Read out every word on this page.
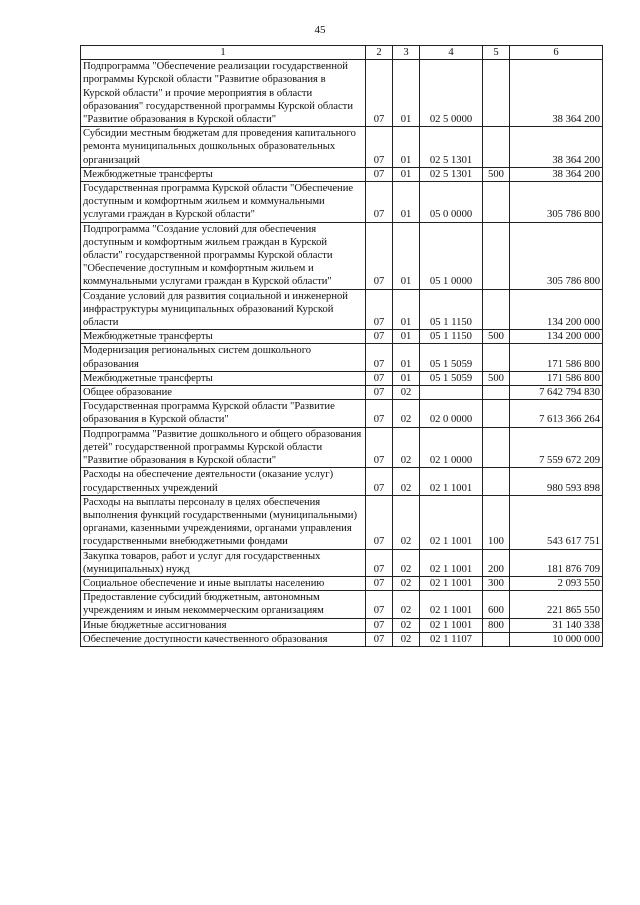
45
1	2	3	4	5	6
Подпрограмма "Обеспечение реализации государственной программы Курской области "Развитие образования в Курской области" и прочие мероприятия в области образования" государственной программы Курской области "Развитие образования в Курской области"	07	01	02 5 0000		38 364 200
Субсидии местным бюджетам для проведения капитального ремонта муниципальных дошкольных образовательных организаций	07	01	02 5 1301		38 364 200
Межбюджетные трансферты	07	01	02 5 1301	500	38 364 200
Государственная программа Курской области "Обеспечение доступным и комфортным жильем и коммунальными услугами граждан в Курской области"	07	01	05 0 0000		305 786 800
Подпрограмма "Создание условий для обеспечения доступным и комфортным жильем граждан в Курской области" государственной программы Курской области "Обеспечение доступным и комфортным жильем и коммунальными услугами граждан в Курской области"	07	01	05 1 0000		305 786 800
Создание условий для развития социальной и инженерной инфраструктуры муниципальных образований Курской области	07	01	05 1 1150		134 200 000
Межбюджетные трансферты	07	01	05 1 1150	500	134 200 000
Модернизация региональных систем дошкольного образования	07	01	05 1 5059		171 586 800
Межбюджетные трансферты	07	01	05 1 5059	500	171 586 800
Общее образование	07	02			7 642 794 830
Государственная программа Курской области "Развитие образования в Курской области"	07	02	02 0 0000		7 613 366 264
Подпрограмма "Развитие дошкольного и общего образования детей" государственной программы Курской области "Развитие образования в Курской области"	07	02	02 1 0000		7 559 672 209
Расходы на обеспечение деятельности (оказание услуг) государственных учреждений	07	02	02 1 1001		980 593 898
Расходы на выплаты персоналу в целях обеспечения выполнения функций государственными (муниципальными) органами, казенными учреждениями, органами управления государственными внебюджетными фондами	07	02	02 1 1001	100	543 617 751
Закупка товаров, работ и услуг для государственных (муниципальных) нужд	07	02	02 1 1001	200	181 876 709
Социальное обеспечение и иные выплаты населению	07	02	02 1 1001	300	2 093 550
Предоставление субсидий бюджетным, автономным учреждениям и иным некоммерческим организациям	07	02	02 1 1001	600	221 865 550
Иные бюджетные ассигнования	07	02	02 1 1001	800	31 140 338
Обеспечение доступности качественного образования	07	02	02 1 1107		10 000 000
